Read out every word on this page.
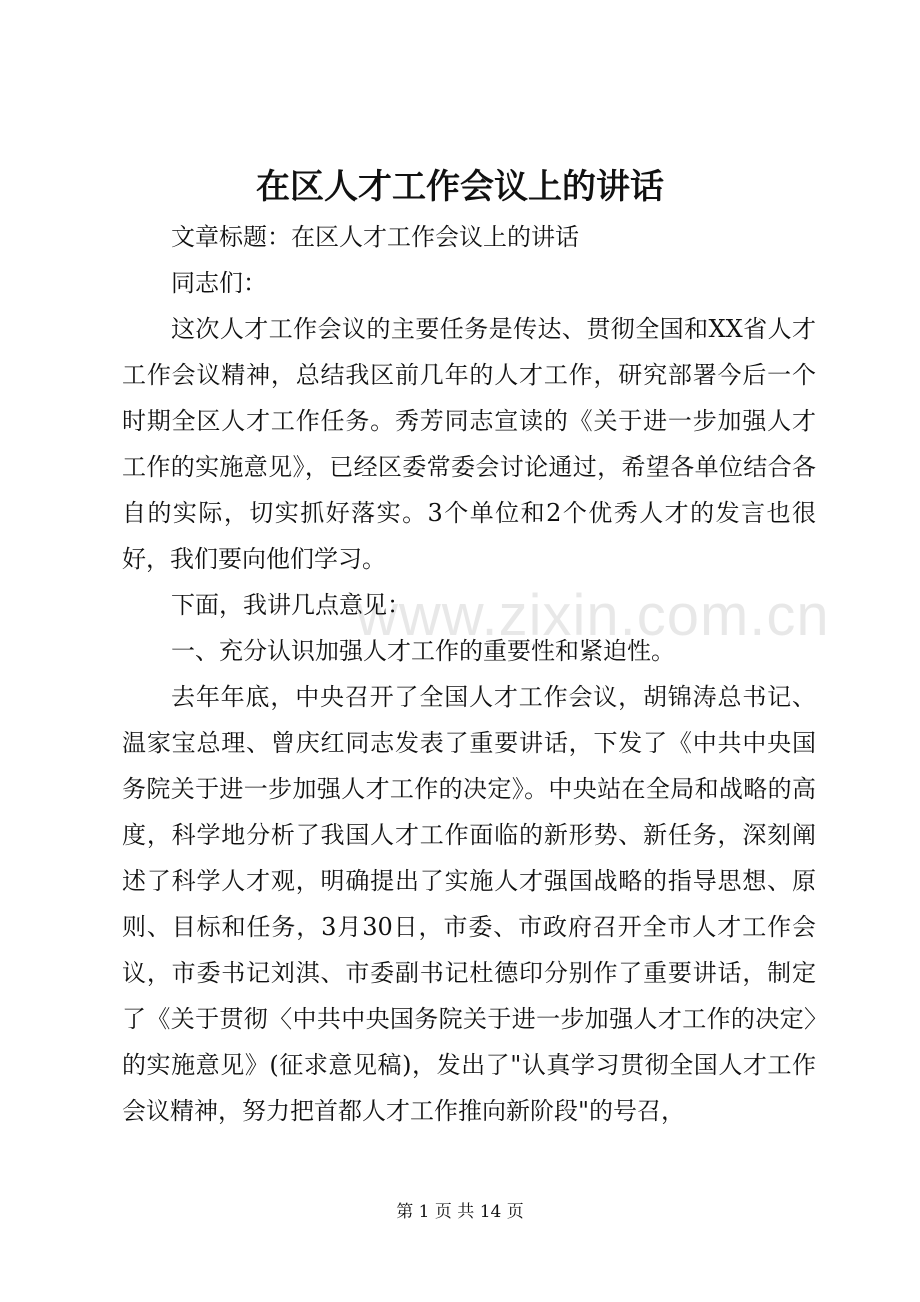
在区人才工作会议上的讲话

文章标题：在区人才工作会议上的讲话

同志们：

这次人才工作会议的主要任务是传达、贯彻全国和XX省人才工作会议精神，总结我区前几年的人才工作，研究部署今后一个时期全区人才工作任务。秀芳同志宣读的《关于进一步加强人才工作的实施意见》，已经区委常委会讨论通过，希望各单位结合各自的实际，切实抓好落实。3个单位和2个优秀人才的发言也很好，我们要向他们学习。

下面，我讲几点意见：

一、充分认识加强人才工作的重要性和紧迫性。

去年年底，中央召开了全国人才工作会议，胡锦涛总书记、温家宝总理、曾庆红同志发表了重要讲话，下发了《中共中央国务院关于进一步加强人才工作的决定》。中央站在全局和战略的高度，科学地分析了我国人才工作面临的新形势、新任务，深刻阐述了科学人才观，明确提出了实施人才强国战略的指导思想、原则、目标和任务，3月30日，市委、市政府召开全市人才工作会议，市委书记刘淇、市委副书记杜德印分别作了重要讲话，制定了《关于贯彻〈中共中央国务院关于进一步加强人才工作的决定〉的实施意见》(征求意见稿)，发出了"认真学习贯彻全国人才工作会议精神，努力把首都人才工作推向新阶段"的号召，

www.zixin.com.cn
第 1 页 共 14 页
